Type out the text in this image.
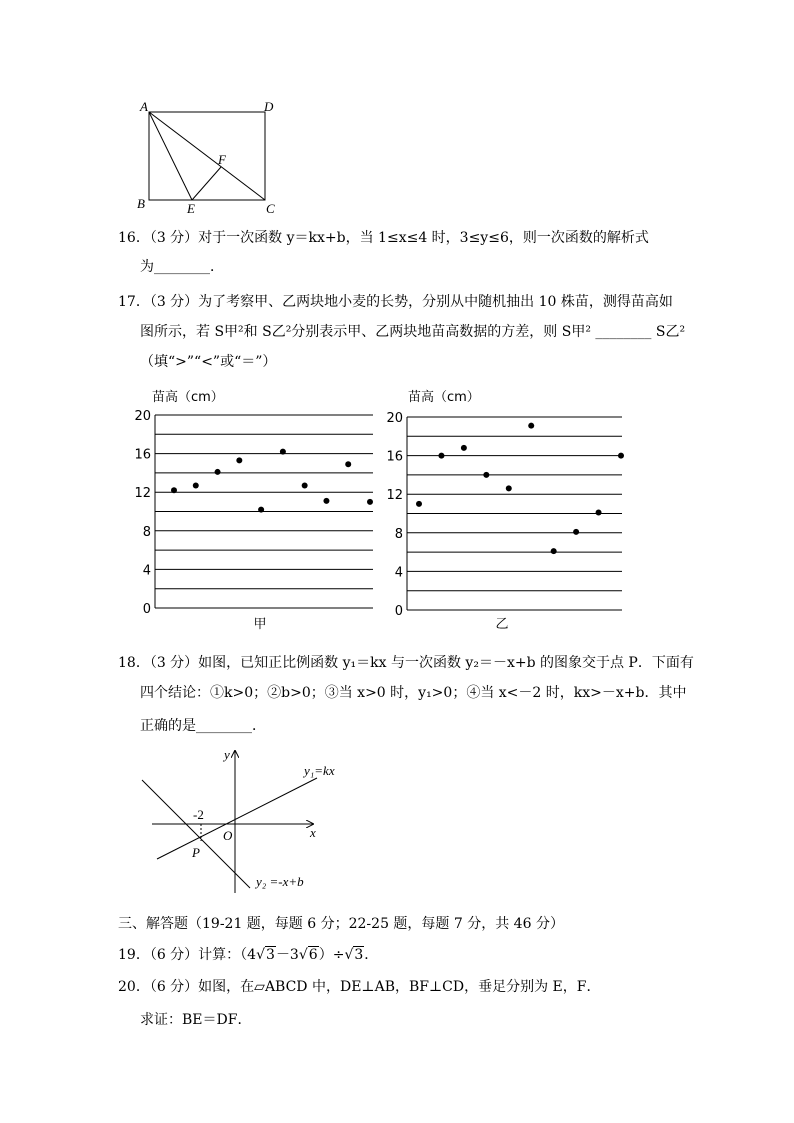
A	D
F
B	E	C
16．（3 分）对于一次函数 y＝kx+b，当 1≤x≤4 时，3≤y≤6，则一次函数的解析式
为________．
17．（3 分）为了考察甲、乙两块地小麦的长势，分别从中随机抽出 10 株苗，测得苗高如
图所示，若 S甲²和 S乙²分别表示甲、乙两块地苗高数据的方差，则 S甲² ________ S乙²
（填“>”“<”或“＝”）
苗高（cm）
20
16
12
8
4
0
甲
苗高（cm）
20
16
12
8
4
0
乙
18．（3 分）如图，已知正比例函数 y₁＝kx 与一次函数 y₂＝－x+b 的图象交于点 P．下面有
四个结论：①k>0；②b>0；③当 x>0 时，y₁>0；④当 x<－2 时，kx>－x+b．其中
正确的是________．
y
x
O
P
-2
y₁=kx
y₂ =-x+b
三、解答题（19-21 题，每题 6 分；22-25 题，每题 7 分，共 46 分）
19．（6 分）计算：（4√3－3√6）÷√3．
20．（6 分）如图，在▱ABCD 中，DE⊥AB，BF⊥CD，垂足分别为 E，F．
求证：BE＝DF．
